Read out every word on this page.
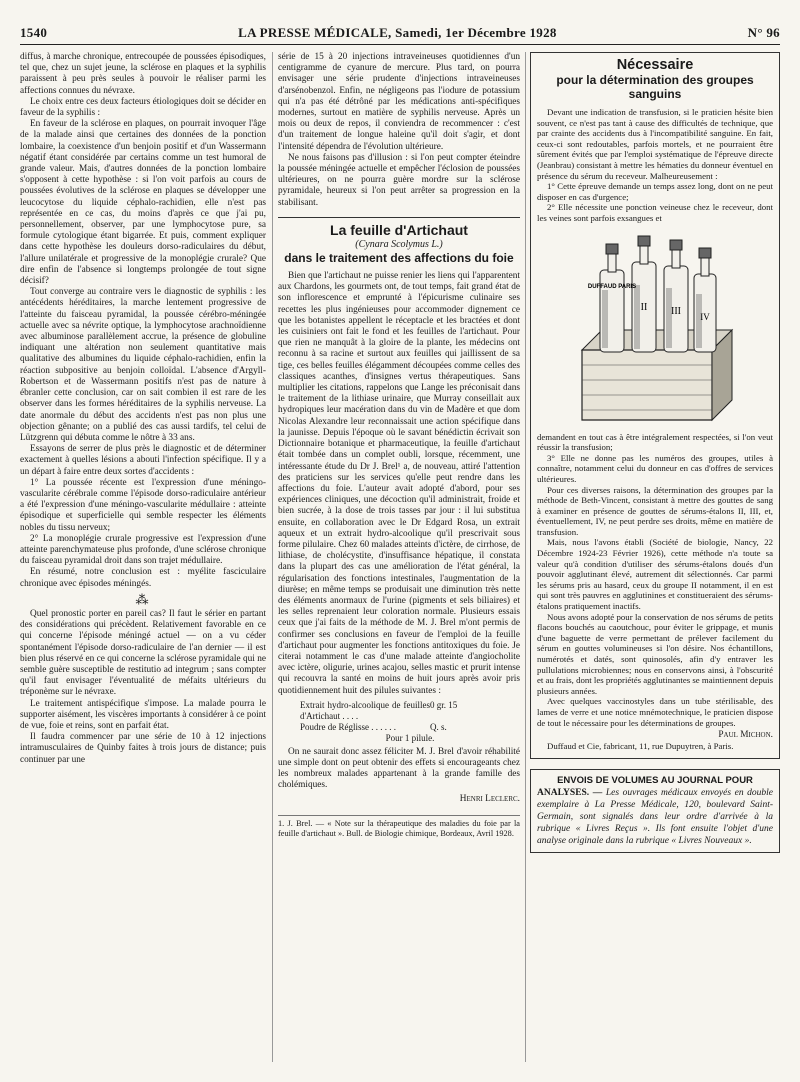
1540	LA PRESSE MÉDICALE, Samedi, 1er Décembre 1928	N° 96

diffus, à marche chronique, entrecoupée de poussées épisodiques, tel que, chez un sujet jeune, la sclérose en plaques et la syphilis paraissent à peu près seules à pouvoir le réaliser parmi les affections connues du névraxe.

Le choix entre ces deux facteurs étiologiques doit se décider en faveur de la syphilis :

En faveur de la sclérose en plaques, on pourrait invoquer l'âge de la malade ainsi que certaines des données de la ponction lombaire, la coexistence d'un benjoin positif et d'un Wassermann négatif étant considérée par certains comme un test humoral de grande valeur. Mais, d'autres données de la ponction lombaire s'opposent à cette hypothèse : si l'on voit parfois au cours de poussées évolutives de la sclérose en plaques se développer une leucocytose du liquide céphalo-rachidien, elle n'est pas représentée en ce cas, du moins d'après ce que j'ai pu, personnellement, observer, par une lymphocytose pure, sa formule cytologique étant bigarrée. Et puis, comment expliquer dans cette hypothèse les douleurs dorso-radiculaires du début, l'allure unilatérale et progressive de la monoplégie crurale? Que dire enfin de l'absence si longtemps prolongée de tout signe décisif?

Tout converge au contraire vers le diagnostic de syphilis : les antécédents héréditaires, la marche lentement progressive de l'atteinte du faisceau pyramidal, la poussée cérébro-méningée actuelle avec sa névrite optique, la lymphocytose arachnoïdienne avec albuminose parallèlement accrue, la présence de globuline indiquant une altération non seulement quantitative mais qualitative des albumines du liquide céphalo-rachidien, enfin la réaction subpositive au benjoin colloïdal. L'absence d'Argyll-Robertson et de Wassermann positifs n'est pas de nature à ébranler cette conclusion, car on sait combien il est rare de les observer dans les formes héréditaires de la syphilis nerveuse. La date anormale du début des accidents n'est pas non plus une objection gênante; on a publié des cas aussi tardifs, tel celui de Lützgrenn qui débuta comme le nôtre à 33 ans.

Essayons de serrer de plus près le diagnostic et de déterminer exactement à quelles lésions a abouti l'infection spécifique. Il y a un départ à faire entre deux sortes d'accidents :

1° La poussée récente est l'expression d'une méningo-vascularite cérébrale comme l'épisode dorso-radiculaire antérieur a été l'expression d'une méningo-vascularite médullaire : atteinte épisodique et superficielle qui semble respecter les éléments nobles du tissu nerveux;

2° La monoplégie crurale progressive est l'expression d'une atteinte parenchymateuse plus profonde, d'une sclérose chronique du faisceau pyramidal droit dans son trajet médullaire.

En résumé, notre conclusion est : myélite fasciculaire chronique avec épisodes méningés.

⁂

Quel pronostic porter en pareil cas? Il faut le sérier en partant des considérations qui précèdent. Relativement favorable en ce qui concerne l'épisode méningé actuel — on a vu céder spontanément l'épisode dorso-radiculaire de l'an dernier — il est bien plus réservé en ce qui concerne la sclérose pyramidale qui ne semble guère susceptible de restitutio ad integrum ; sans compter qu'il faut envisager l'éventualité de méfaits ultérieurs du tréponème sur le névraxe.

Le traitement antispécifique s'impose. La malade pourra le supporter aisément, les viscères importants à considérer à ce point de vue, foie et reins, sont en parfait état.

Il faudra commencer par une série de 10 à 12 injections intramusculaires de Quinby faites à trois jours de distance; puis continuer par une

série de 15 à 20 injections intraveineuses quotidiennes d'un centigramme de cyanure de mercure. Plus tard, on pourra envisager une série prudente d'injections intraveineuses d'arsénobenzol. Enfin, ne négligeons pas l'iodure de potassium qui n'a pas été détrôné par les médications anti-spécifiques modernes, surtout en matière de syphilis nerveuse. Après un mois ou deux de repos, il conviendra de recommencer : c'est d'un traitement de longue haleine qu'il doit s'agir, et dont l'intensité dépendra de l'évolution ultérieure.

Ne nous faisons pas d'illusion : si l'on peut compter éteindre la poussée méningée actuelle et empêcher l'éclosion de poussées ultérieures, on ne pourra guère mordre sur la sclérose pyramidale, heureux si l'on peut arrêter sa progression en la stabilisant.

La feuille d'Artichaut
(Cynara Scolymus L.)
dans le traitement des affections du foie

Bien que l'artichaut ne puisse renier les liens qui l'apparentent aux Chardons, les gourmets ont, de tout temps, fait grand état de son inflorescence et emprunté à l'épicurisme culinaire ses recettes les plus ingénieuses pour accommoder dignement ce que les botanistes appellent le réceptacle et les bractées et dont les cuisiniers ont fait le fond et les feuilles de l'artichaut. Pour que rien ne manquât à la gloire de la plante, les médecins ont reconnu à sa racine et surtout aux feuilles qui jaillissent de sa tige, ces belles feuilles élégamment découpées comme celles des classiques acanthes, d'insignes vertus thérapeutiques. Sans multiplier les citations, rappelons que Lange les préconisait dans le traitement de la lithiase urinaire, que Murray conseillait aux hydropiques leur macération dans du vin de Madère et que dom Nicolas Alexandre leur reconnaissait une action spécifique dans la jaunisse. Depuis l'époque où le savant bénédictin écrivait son Dictionnaire botanique et pharmaceutique, la feuille d'artichaut était tombée dans un complet oubli, lorsque, récemment, une intéressante étude du Dr J. Brel¹ a, de nouveau, attiré l'attention des praticiens sur les services qu'elle peut rendre dans les affections du foie. L'auteur avait adopté d'abord, pour ses expériences cliniques, une décoction qu'il administrait, froide et bien sucrée, à la dose de trois tasses par jour : il lui substitua ensuite, en collaboration avec le Dr Edgard Rosa, un extrait aqueux et un extrait hydro-alcoolique qu'il prescrivait sous forme pilulaire. Chez 60 malades atteints d'ictère, de cirrhose, de lithiase, de cholécystite, d'insuffisance hépatique, il constata dans la plupart des cas une amélioration de l'état général, la régularisation des fonctions intestinales, l'augmentation de la diurèse; en même temps se produisait une diminution très nette des éléments anormaux de l'urine (pigments et sels biliaires) et les selles reprenaient leur coloration normale. Plusieurs essais ceux que j'ai faits de la méthode de M. J. Brel m'ont permis de confirmer ses conclusions en faveur de l'emploi de la feuille d'artichaut pour augmenter les fonctions antitoxiques du foie. Je citerai notamment le cas d'une malade atteinte d'angiocholite avec ictère, oligurie, urines acajou, selles mastic et prurit intense qui recouvra la santé en moins de huit jours après avoir pris quotidiennement huit des pilules suivantes :

Extrait hydro-alcoolique de feuilles d'Artichaut . . . .
0 gr. 15
Poudre de Réglisse . . . . . .	Q. s.
Pour 1 pilule.

On ne saurait donc assez féliciter M. J. Brel d'avoir réhabilité une simple dont on peut obtenir des effets si encourageants chez les nombreux malades appartenant à la grande famille des cholémiques.

Henri Leclerc.
1. J. Brel. — « Note sur la thérapeutique des maladies du foie par la feuille d'artichaut ». Bull. de Biologie chimique, Bordeaux, Avril 1928.
Nécessaire
pour la détermination des groupes sanguins

Devant une indication de transfusion, si le praticien hésite bien souvent, ce n'est pas tant à cause des difficultés de technique, que par crainte des accidents dus à l'incompatibilité sanguine. En fait, ceux-ci sont redoutables, parfois mortels, et ne pourraient être sûrement évités que par l'emploi systématique de l'épreuve directe (Jeanbrau) consistant à mettre les hématies du donneur éventuel en présence du sérum du receveur. Malheureusement :

1° Cette épreuve demande un temps assez long, dont on ne peut disposer en cas d'urgence;

2° Elle nécessite une ponction veineuse chez le receveur, dont les veines sont parfois exsangues et

DUFFAUD PARIS
II III IV

demandent en tout cas à être intégralement respectées, si l'on veut réussir la transfusion;

3° Elle ne donne pas les numéros des groupes, utiles à connaître, notamment celui du donneur en cas d'offres de services ultérieures.

Pour ces diverses raisons, la détermination des groupes par la méthode de Beth-Vincent, consistant à mettre des gouttes de sang à examiner en présence de gouttes de sérums-étalons II, III, et, éventuellement, IV, ne peut perdre ses droits, même en matière de transfusion.

Mais, nous l'avons établi (Société de biologie, Nancy, 22 Décembre 1924-23 Février 1926), cette méthode n'a toute sa valeur qu'à condition d'utiliser des sérums-étalons doués d'un pouvoir agglutinant élevé, autrement dit sélectionnés. Car parmi les sérums pris au hasard, ceux du groupe II notamment, il en est qui sont très pauvres en agglutinines et constitueraient des sérums-étalons pratiquement inactifs.

Nous avons adopté pour la conservation de nos sérums de petits flacons bouchés au caoutchouc, pour éviter le grippage, et munis d'une baguette de verre permettant de prélever facilement du sérum en gouttes volumineuses si l'on désire. Nos échantillons, numérotés et datés, sont quinosolés, afin d'y entraver les pullulations microbiennes; nous en conservons ainsi, à l'obscurité et au frais, dont les propriétés agglutinantes se maintiennent depuis plusieurs années.

Avec quelques vaccinostyles dans un tube stérilisable, des lames de verre et une notice mnémotechnique, le praticien dispose de tout le nécessaire pour les déterminations de groupes.

Paul Michon.

Duffaud et Cie, fabricant, 11, rue Dupuytren, à Paris.

ENVOIS DE VOLUMES AU JOURNAL POUR
ANALYSES. — Les ouvrages médicaux envoyés en double exemplaire à La Presse Médicale, 120, boulevard Saint-Germain, sont signalés dans leur ordre d'arrivée à la rubrique « Livres Reçus ». Ils font ensuite l'objet d'une analyse originale dans la rubrique « Livres Nouveaux ».
